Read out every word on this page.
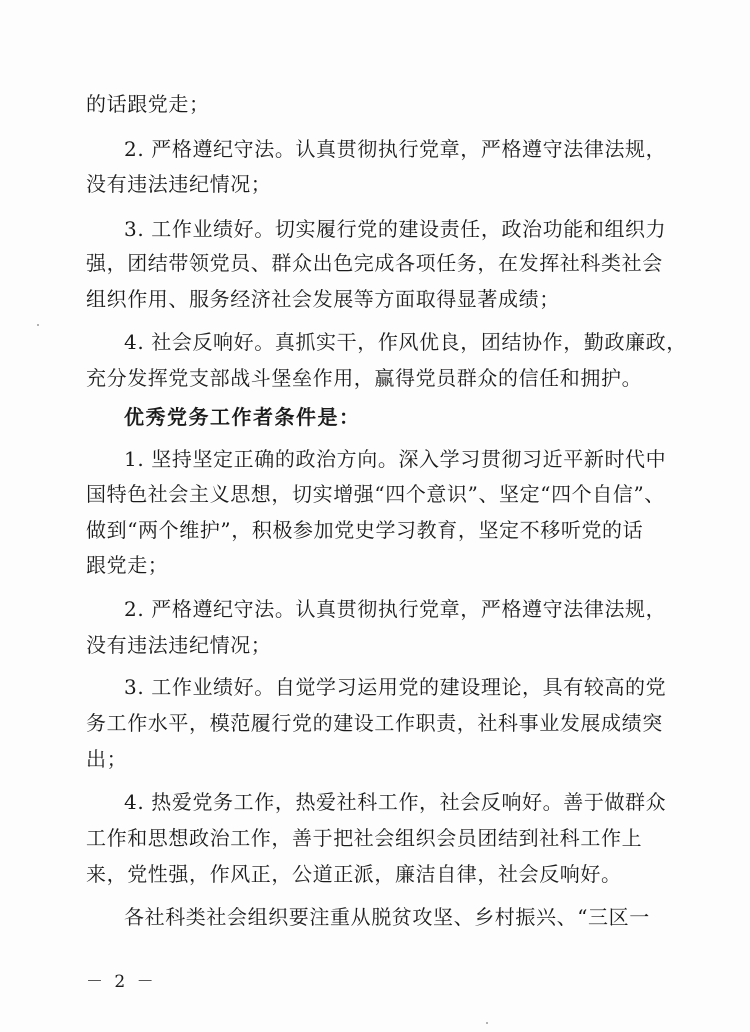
的话跟党走；
2. 严格遵纪守法。认真贯彻执行党章，严格遵守法律法规，
没有违法违纪情况；
3. 工作业绩好。切实履行党的建设责任，政治功能和组织力
强，团结带领党员、群众出色完成各项任务，在发挥社科类社会
组织作用、服务经济社会发展等方面取得显著成绩；
4. 社会反响好。真抓实干，作风优良，团结协作，勤政廉政，
充分发挥党支部战斗堡垒作用，赢得党员群众的信任和拥护。
优秀党务工作者条件是：
1. 坚持坚定正确的政治方向。深入学习贯彻习近平新时代中
国特色社会主义思想，切实增强“四个意识”、坚定“四个自信”、
做到“两个维护”，积极参加党史学习教育，坚定不移听党的话
跟党走；
2. 严格遵纪守法。认真贯彻执行党章，严格遵守法律法规，
没有违法违纪情况；
3. 工作业绩好。自觉学习运用党的建设理论，具有较高的党
务工作水平，模范履行党的建设工作职责，社科事业发展成绩突
出；
4. 热爱党务工作，热爱社科工作，社会反响好。善于做群众
工作和思想政治工作，善于把社会组织会员团结到社科工作上
来，党性强，作风正，公道正派，廉洁自律，社会反响好。
各社科类社会组织要注重从脱贫攻坚、乡村振兴、“三区一
－ 2 －
